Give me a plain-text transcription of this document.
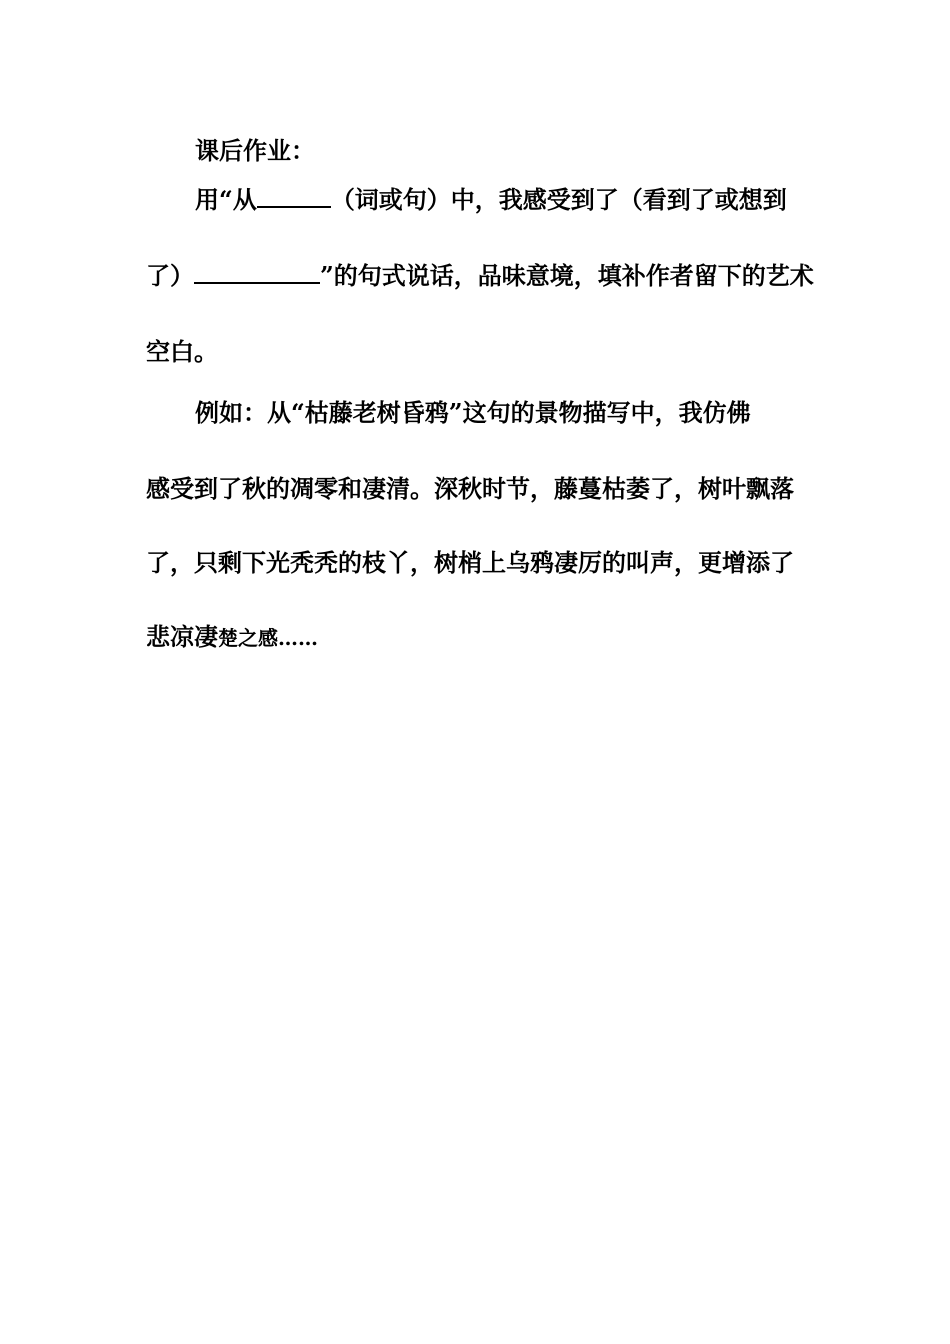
课后作业：
用“从	（词或句）中，我感受到了（看到了或想到
了）	”的句式说话，品味意境，填补作者留下的艺术
空白。
例如：从“枯藤老树昏鸦”这句的景物描写中，我仿佛
感受到了秋的凋零和凄清。深秋时节，藤蔓枯萎了，树叶飘落
了，只剩下光秃秃的枝丫，树梢上乌鸦凄厉的叫声，更增添了
悲凉凄楚之感……
